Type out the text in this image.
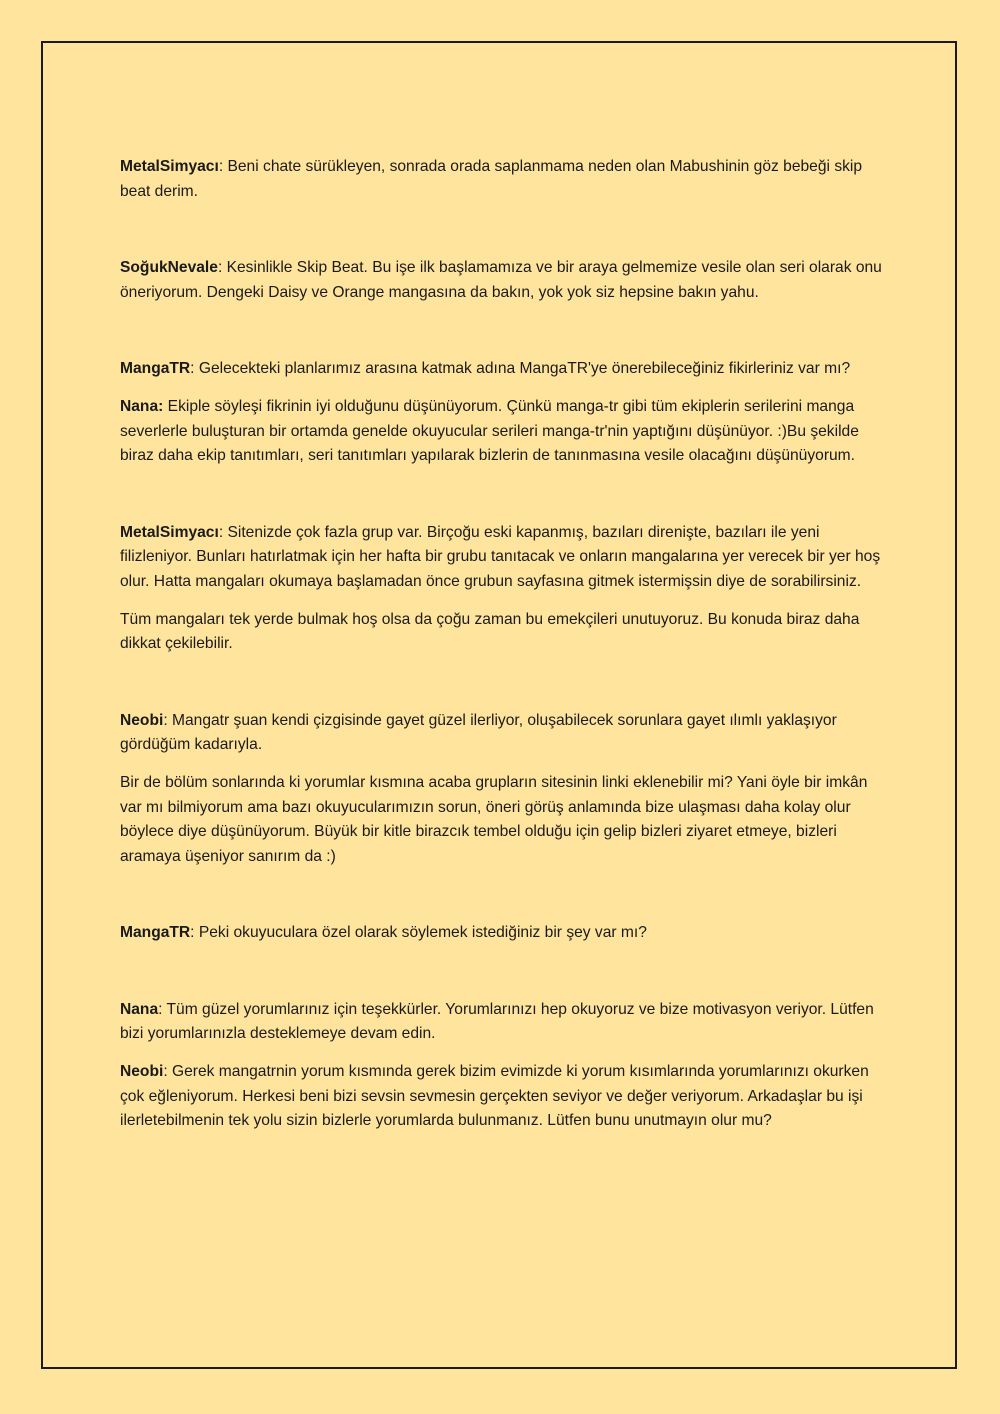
MetalSimyacı: Beni chate sürükleyen, sonrada orada saplanmama neden olan Mabushinin göz bebeği skip beat derim.

SoğukNevale: Kesinlikle Skip Beat. Bu işe ilk başlamamıza ve bir araya gelmemize vesile olan seri olarak onu öneriyorum. Dengeki Daisy ve Orange mangasına da bakın, yok yok siz hepsine bakın yahu.

MangaTR: Gelecekteki planlarımız arasına katmak adına MangaTR'ye önerebileceğiniz fikirleriniz var mı?

Nana: Ekiple söyleşi fikrinin iyi olduğunu düşünüyorum. Çünkü manga-tr gibi tüm ekiplerin serilerini manga severlerle buluşturan bir ortamda genelde okuyucular serileri manga-tr'nin yaptığını düşünüyor. :)Bu şekilde biraz daha ekip tanıtımları, seri tanıtımları yapılarak bizlerin de tanınmasına vesile olacağını düşünüyorum.

MetalSimyacı: Sitenizde çok fazla grup var. Birçoğu eski kapanmış, bazıları direnişte, bazıları ile yeni filizleniyor. Bunları hatırlatmak için her hafta bir grubu tanıtacak ve onların mangalarına yer verecek bir yer hoş olur. Hatta mangaları okumaya başlamadan önce grubun sayfasına gitmek istermişsin diye de sorabilirsiniz.

Tüm mangaları tek yerde bulmak hoş olsa da çoğu zaman bu emekçileri unutuyoruz. Bu konuda biraz daha dikkat çekilebilir.

Neobi: Mangatr şuan kendi çizgisinde gayet güzel ilerliyor, oluşabilecek sorunlara gayet ılımlı yaklaşıyor gördüğüm kadarıyla.

Bir de bölüm sonlarında ki yorumlar kısmına acaba grupların sitesinin linki eklenebilir mi? Yani öyle bir imkân var mı bilmiyorum ama bazı okuyucularımızın sorun, öneri görüş anlamında bize ulaşması daha kolay olur böylece diye düşünüyorum. Büyük bir kitle birazcık tembel olduğu için gelip bizleri ziyaret etmeye, bizleri aramaya üşeniyor sanırım da :)

MangaTR: Peki okuyuculara özel olarak söylemek istediğiniz bir şey var mı?

Nana: Tüm güzel yorumlarınız için teşekkürler. Yorumlarınızı hep okuyoruz ve bize motivasyon veriyor. Lütfen bizi yorumlarınızla desteklemeye devam edin.

Neobi: Gerek mangatrnin yorum kısmında gerek bizim evimizde ki yorum kısımlarında yorumlarınızı okurken çok eğleniyorum. Herkesi beni bizi sevsin sevmesin gerçekten seviyor ve değer veriyorum. Arkadaşlar bu işi ilerletebilmenin tek yolu sizin bizlerle yorumlarda bulunmanız. Lütfen bunu unutmayın olur mu?
